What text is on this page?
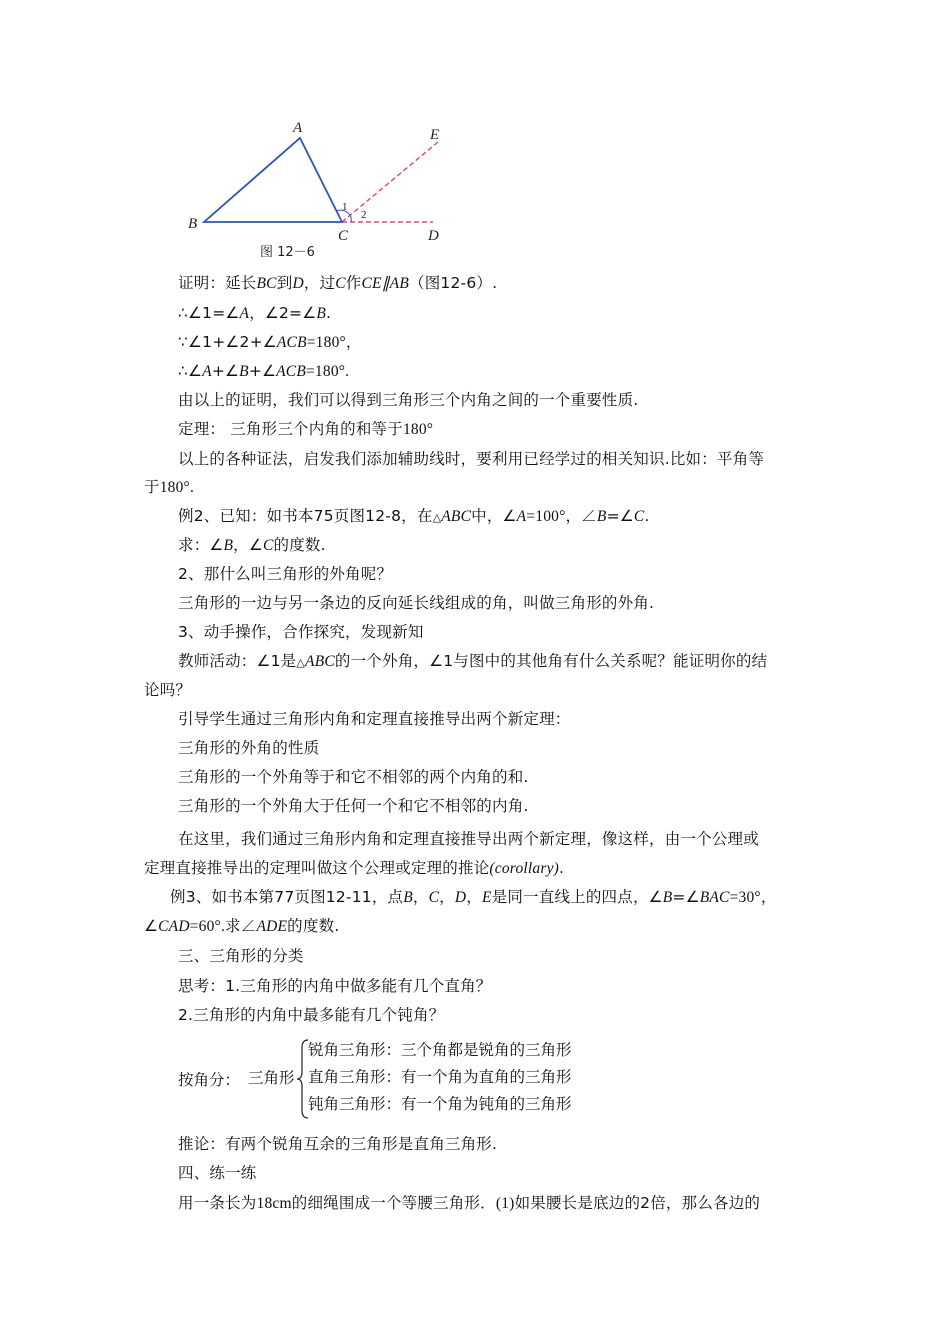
A
B
C	D
E
1
2
图 12－6
证明：延长BC到D，过C作CE∥AB（图12-6）.
∴∠1=∠A，∠2=∠B.
∵∠1+∠2+∠ACB=180°，
∴∠A+∠B+∠ACB=180°.
由以上的证明，我们可以得到三角形三个内角之间的一个重要性质.
定理： 三角形三个内角的和等于180°
以上的各种证法，启发我们添加辅助线时，要利用已经学过的相关知识.比如：平角等
于180°.
例2、已知：如书本75页图12-8，在△ABC中，∠A=100°，∠B=∠C.
求：∠B，∠C的度数.
2、那什么叫三角形的外角呢？
三角形的一边与另一条边的反向延长线组成的角，叫做三角形的外角.
3、动手操作，合作探究，发现新知
教师活动：∠1是△ABC的一个外角，∠1与图中的其他角有什么关系呢？能证明你的结
论吗？
引导学生通过三角形内角和定理直接推导出两个新定理：
三角形的外角的性质
三角形的一个外角等于和它不相邻的两个内角的和.
三角形的一个外角大于任何一个和它不相邻的内角.
在这里，我们通过三角形内角和定理直接推导出两个新定理，像这样，由一个公理或
定理直接推导出的定理叫做这个公理或定理的推论(corollary).
例3、如书本第77页图12-11，点B，C，D，E是同一直线上的四点，∠B=∠BAC=30°，
∠CAD=60°.求∠ADE的度数.
三、三角形的分类
思考：1.三角形的内角中做多能有几个直角？
2.三角形的内角中最多能有几个钝角？
按角分： 三角形
锐角三角形：三个角都是锐角的三角形
直角三角形：有一个角为直角的三角形
钝角三角形：有一个角为钝角的三角形
推论：有两个锐角互余的三角形是直角三角形.
四、练一练
用一条长为18cm的细绳围成一个等腰三角形．(1)如果腰长是底边的2倍，那么各边的
